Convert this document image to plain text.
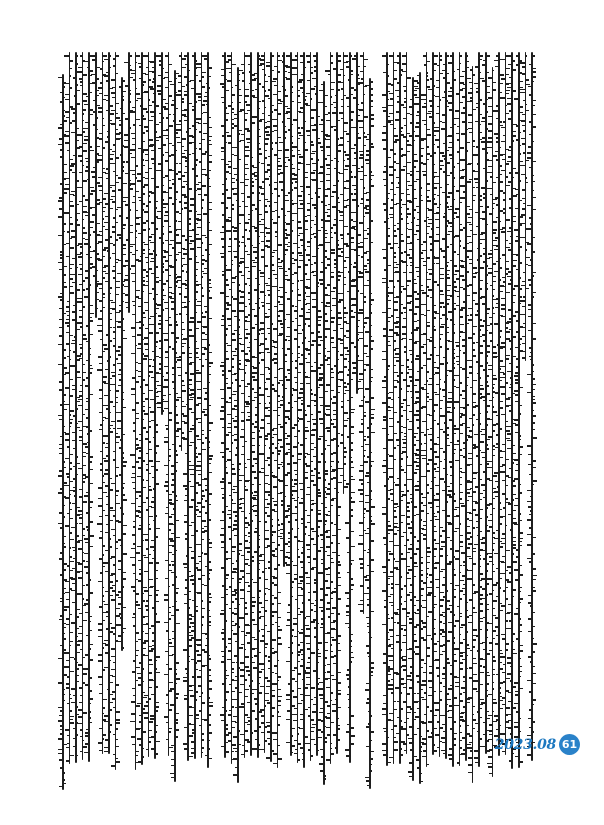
2023.08 61
